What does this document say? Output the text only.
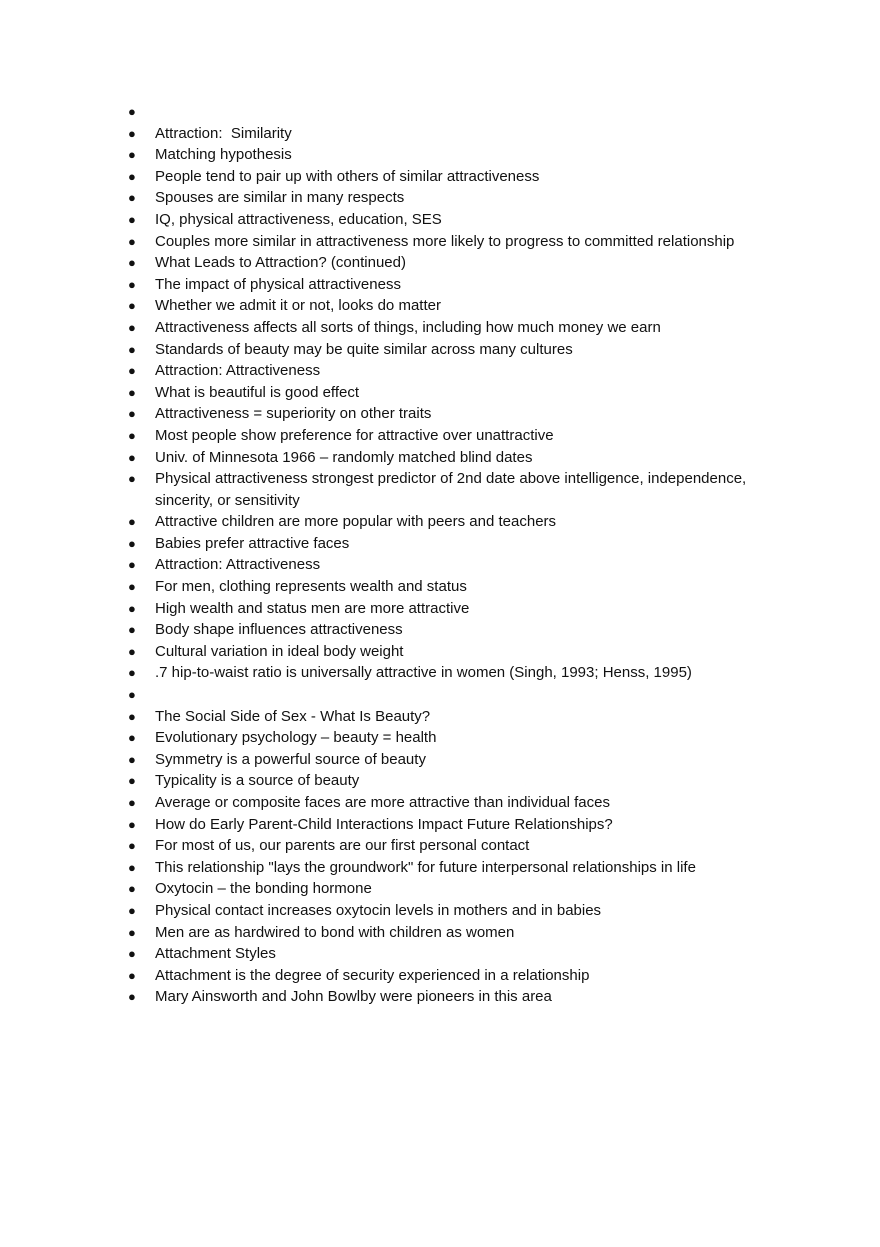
●
●	Attraction:  Similarity
●	Matching hypothesis
●	People tend to pair up with others of similar attractiveness
●	Spouses are similar in many respects
●	IQ, physical attractiveness, education, SES
●	Couples more similar in attractiveness more likely to progress to committed relationship
●	What Leads to Attraction? (continued)
●	The impact of physical attractiveness
●	Whether we admit it or not, looks do matter
●	Attractiveness affects all sorts of things, including how much money we earn
●	Standards of beauty may be quite similar across many cultures
●	Attraction: Attractiveness
●	What is beautiful is good effect
●	Attractiveness = superiority on other traits
●	Most people show preference for attractive over unattractive
●	Univ. of Minnesota 1966 – randomly matched blind dates
●	Physical attractiveness strongest predictor of 2nd date above intelligence, independence, sincerity, or sensitivity
●	Attractive children are more popular with peers and teachers
●	Babies prefer attractive faces
●	Attraction: Attractiveness
●	For men, clothing represents wealth and status
●	High wealth and status men are more attractive
●	Body shape influences attractiveness
●	Cultural variation in ideal body weight
●	.7 hip-to-waist ratio is universally attractive in women (Singh, 1993; Henss, 1995)
●
●	The Social Side of Sex - What Is Beauty?
●	Evolutionary psychology – beauty = health
●	Symmetry is a powerful source of beauty
●	Typicality is a source of beauty
●	Average or composite faces are more attractive than individual faces
●	How do Early Parent-Child Interactions Impact Future Relationships?
●	For most of us, our parents are our first personal contact
●	This relationship "lays the groundwork" for future interpersonal relationships in life
●	Oxytocin – the bonding hormone
●	Physical contact increases oxytocin levels in mothers and in babies
●	Men are as hardwired to bond with children as women
●	Attachment Styles
●	Attachment is the degree of security experienced in a relationship
●	Mary Ainsworth and John Bowlby were pioneers in this area
